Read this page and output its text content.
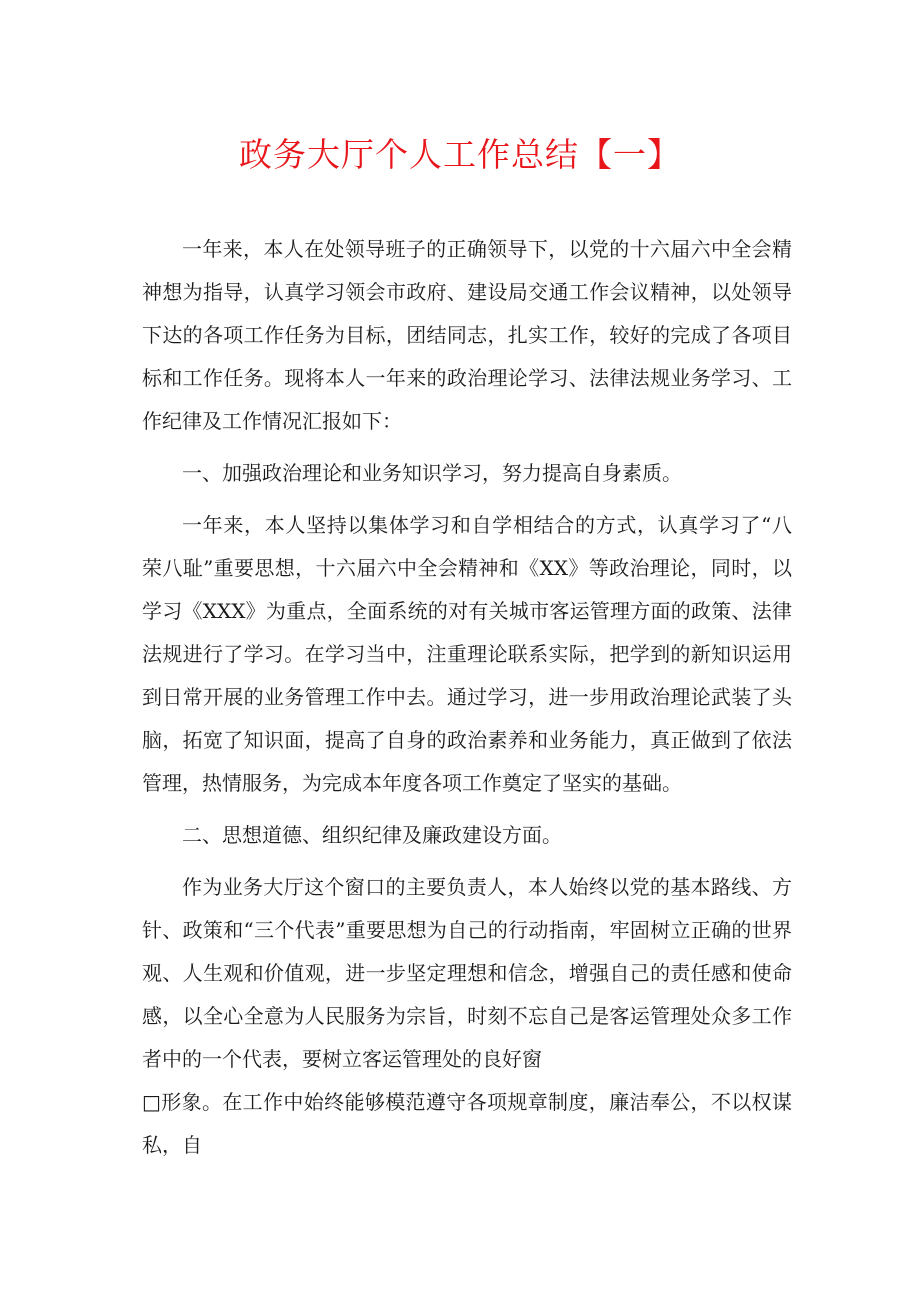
政务大厅个人工作总结【一】

一年来，本人在处领导班子的正确领导下，以党的十六届六中全会精神想为指导，认真学习领会市政府、建设局交通工作会议精神，以处领导下达的各项工作任务为目标，团结同志，扎实工作，较好的完成了各项目标和工作任务。现将本人一年来的政治理论学习、法律法规业务学习、工作纪律及工作情况汇报如下：

一、加强政治理论和业务知识学习，努力提高自身素质。

一年来，本人坚持以集体学习和自学相结合的方式，认真学习了“八荣八耻”重要思想，十六届六中全会精神和《XX》等政治理论，同时，以学习《XXX》为重点，全面系统的对有关城市客运管理方面的政策、法律法规进行了学习。在学习当中，注重理论联系实际，把学到的新知识运用到日常开展的业务管理工作中去。通过学习，进一步用政治理论武装了头脑，拓宽了知识面，提高了自身的政治素养和业务能力，真正做到了依法管理，热情服务，为完成本年度各项工作奠定了坚实的基础。

二、思想道德、组织纪律及廉政建设方面。

作为业务大厅这个窗口的主要负责人，本人始终以党的基本路线、方针、政策和“三个代表”重要思想为自己的行动指南，牢固树立正确的世界观、人生观和价值观，进一步坚定理想和信念，增强自己的责任感和使命感，以全心全意为人民服务为宗旨，时刻不忘自己是客运管理处众多工作者中的一个代表，要树立客运管理处的良好窗

□形象。在工作中始终能够模范遵守各项规章制度，廉洁奉公，不以权谋私，自
